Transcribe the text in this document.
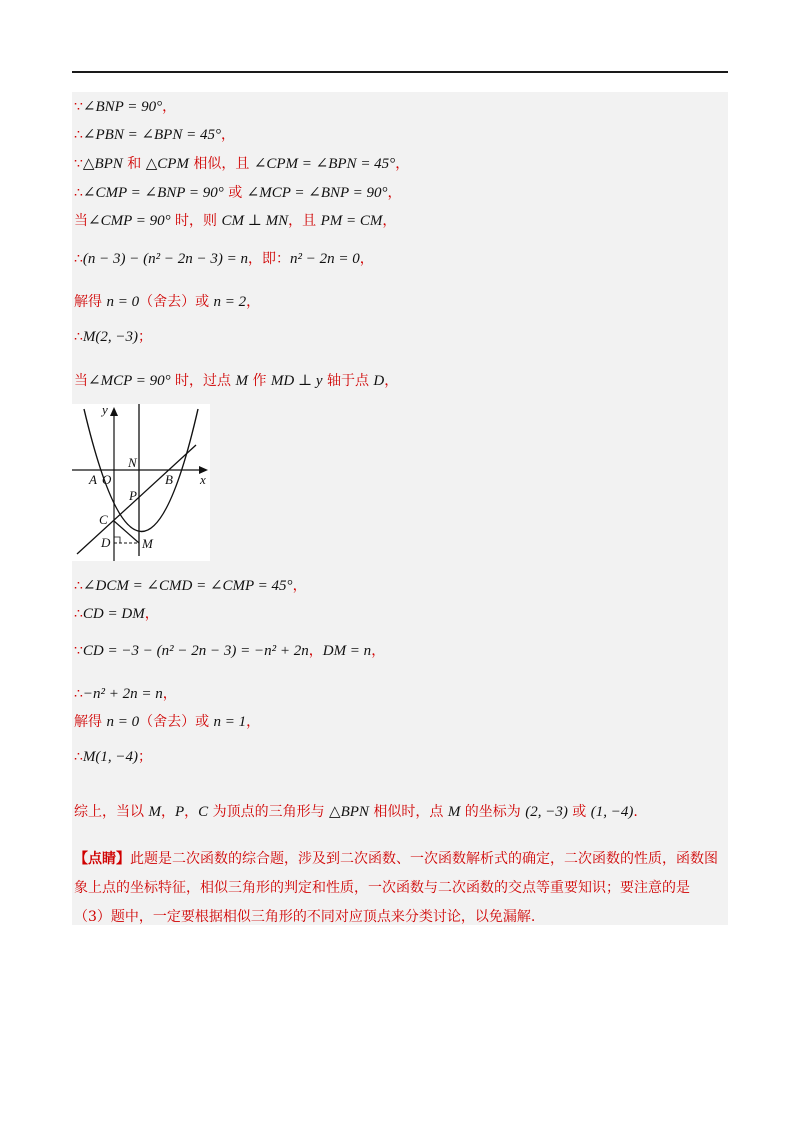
∵∠BNP = 90°，
∴∠PBN = ∠BPN = 45°，
∵△BPN 和 △CPM 相似，且 ∠CPM = ∠BPN = 45°，
∴∠CMP = ∠BNP = 90° 或 ∠MCP = ∠BNP = 90°，
当∠CMP = 90° 时，则 CM ⊥ MN，且 PM = CM，
∴(n − 3) − (n² − 2n − 3) = n，即：n² − 2n = 0，
解得 n = 0（舍去）或 n = 2，
∴M(2, −3)；
当∠MCP = 90° 时，过点 M 作 MD ⊥ y 轴于点 D，
y
x
N
A O	B
P
C
D M
∴∠DCM = ∠CMD = ∠CMP = 45°，
∴CD = DM，
∵CD = −3 − (n² − 2n − 3) = −n² + 2n，DM = n，
∴−n² + 2n = n，
解得 n = 0（舍去）或 n = 1，
∴M(1, −4)；
综上，当以 M，P，C 为顶点的三角形与 △BPN 相似时，点 M 的坐标为 (2, −3) 或 (1, −4).
【点睛】此题是二次函数的综合题，涉及到二次函数、一次函数解析式的确定，二次函数的性质，函数图
象上点的坐标特征，相似三角形的判定和性质，一次函数与二次函数的交点等重要知识；要注意的是
（3）题中，一定要根据相似三角形的不同对应顶点来分类讨论，以免漏解.
